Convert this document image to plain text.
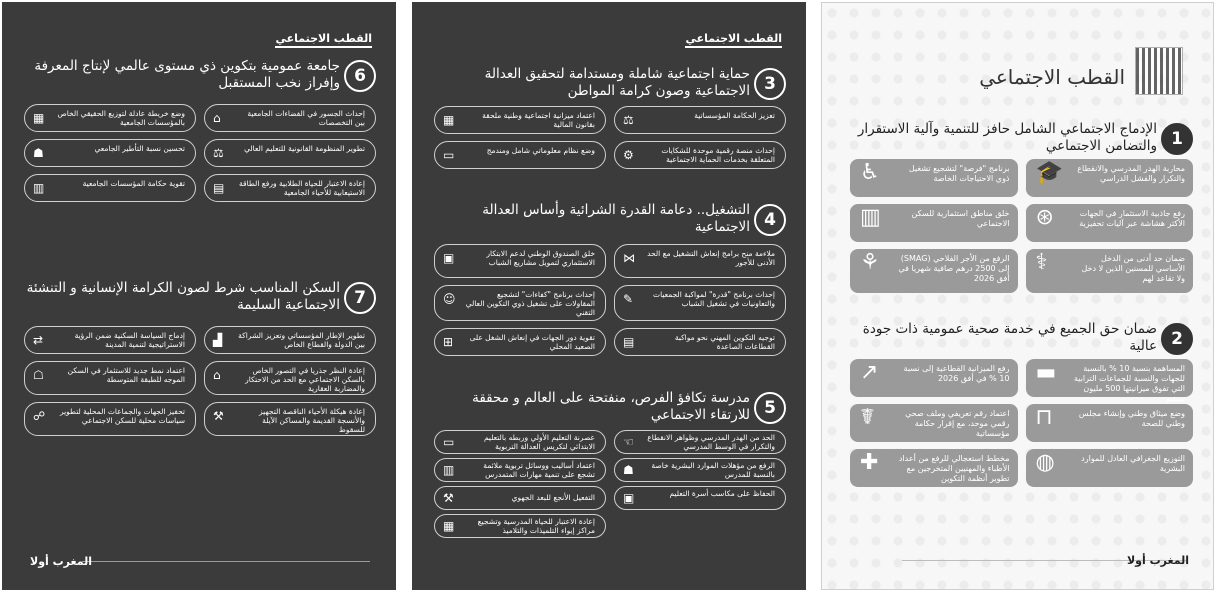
القطب الاجتماعي
6
جامعة عمومية بتكوين ذي مستوى عالمي لإنتاج المعرفة وإفراز نخب المستقبل
▦ وضع خريطة عادلة لتوزيع الحقيقي الخاص بالمؤسسات الجامعية	⌂	إحداث الجسور في الفضاءات الجامعية بين التخصصات
☗	تحسين نسبة التأطير الجامعي	⚖	تطوير المنظومة القانونية للتعليم العالي
▥	تقوية حكامة المؤسسات الجامعية	▤ إعادة الاعتبار للحياة الطلابية ورفع الطاقة الاستيعابية للأحياء الجامعية
7
السكن المناسب شرط لصون الكرامة الإنسانية و التنشئة الاجتماعية السليمة
⇄	إدماج السياسة السكنية ضمن الرؤية الاستراتيجية لتنمية المدينة	▟ تطوير الإطار المؤسساتي وتعزيز الشراكة بين الدولة والقطاع الخاص
☖	اعتماد نمط جديد للاستثمار في السكن الموجه للطبقة المتوسطة	⌂	إعادة النظر جذريا في التصور الخاص بالسكن الاجتماعي مع الحد من الاحتكار والمضاربة العقارية
☍ تحفيز الجهات والجماعات المحلية لتطوير سياسات محلية للسكن الاجتماعي	⚒	إعادة هيكلة الأحياء الناقصة التجهيز والأنسجة القديمة والمساكن الآيلة للسقوط
المغرب أولا
القطب الاجتماعي
3
حماية اجتماعية شاملة ومستدامة لتحقيق العدالة الاجتماعية وصون كرامة المواطن
▦	اعتماد ميزانية اجتماعية وطنية ملحقة بقانون المالية	⚖	تعزيز الحكامة المؤسساتية
▭	وضع نظام معلوماتي شامل ومندمج	⚙	إحداث منصة رقمية موحدة للشكايات المتعلقة بخدمات الحماية الاجتماعية
4
التشغيل.. دعامة القدرة الشرائية وأساس العدالة الاجتماعية
▣	خلق الصندوق الوطني لدعم الابتكار الاستثماري لتمويل مشاريع الشباب	⋈ ملاءمة منح برامج إنعاش التشغيل مع الحد الأدنى للأجور
☺	إحداث برنامج "كفاءات" لتشجيع المقاولات على تشغيل ذوي التكوين العالي التقني
✎	إحداث برنامج "قدرة" لمواكبة الجمعيات والتعاونيات في تشغيل الشباب
⊞ تقوية دور الجهات في إنعاش الشغل على الصعيد المحلي	▤	توجيه التكوين المهني نحو مواكبة القطاعات الصاعدة
5
مدرسة تكافؤ الفرص، منفتحة على العالم و محققة للارتقاء الاجتماعي
▭	عصرنة التعليم الأولي وربطه بالتعليم الابتدائي لتكريس العدالة التربوية	☜ الحد من الهدر المدرسي وظواهر الانقطاع والتكرار في الوسط المدرسي
▥	اعتماد أساليب ووسائل تربوية ملائمة تشجع على تنمية مهارات المتمدرس	☗ الرفع من مؤهلات الموارد البشرية خاصة بالنسبة للمدرس
⚒	التفعيل الأنجع للبعد الجهوي	▣	الحفاظ على مكاسب أسرة التعليم
▦	إعادة الاعتبار للحياة المدرسية وتشجيع مراكز إيواء التلميذات والتلاميذ
القطب الاجتماعي
1
الإدماج الاجتماعي الشامل حافز للتنمية وآلية الاستقرار والتضامن الاجتماعي
♿	برنامج "فرصة" لتشجيع تشغيل ذوي الاحتياجات الخاصة	🎓 محاربة الهدر المدرسي والانقطاع والتكرار والفشل الدراسي
▥	خلق مناطق استثمارية للسكن الاجتماعي	⊛	رفع جاذبية الاستثمار في الجهات الأكثر هشاشة عبر آليات تحفيزية
⚘	الرفع من الأجر الفلاحي (SMAG) إلى 2500 درهم صافية شهريا في أفق 2026
⚕	ضمان حد أدنى من الدخل الأساسي للمسنين الذين لا دخل ولا تقاعد لهم
2
ضمان حق الجميع في خدمة صحية عمومية ذات جودة عالية
↗	رفع الميزانية القطاعية إلى نسبة 10 % في أفق 2026	▬	المساهمة بنسبة 10 % بالنسبة للجهات والنسبة للجماعات الترابية التي تفوق ميزانيتها 500 مليون سنتيم
☤	اعتماد رقم تعريفي وملف صحي رقمي موحد، مع إقرار حكامة مؤسساتية
⊓	وضع ميثاق وطني وإنشاء مجلس وطني للصحة
✚	مخطط استعجالي للرفع من أعداد الأطباء والمهنيين المتخرجين مع تطوير أنظمة التكوين
◍	التوزيع الجغرافي العادل للموارد البشرية
المغرب أولا
